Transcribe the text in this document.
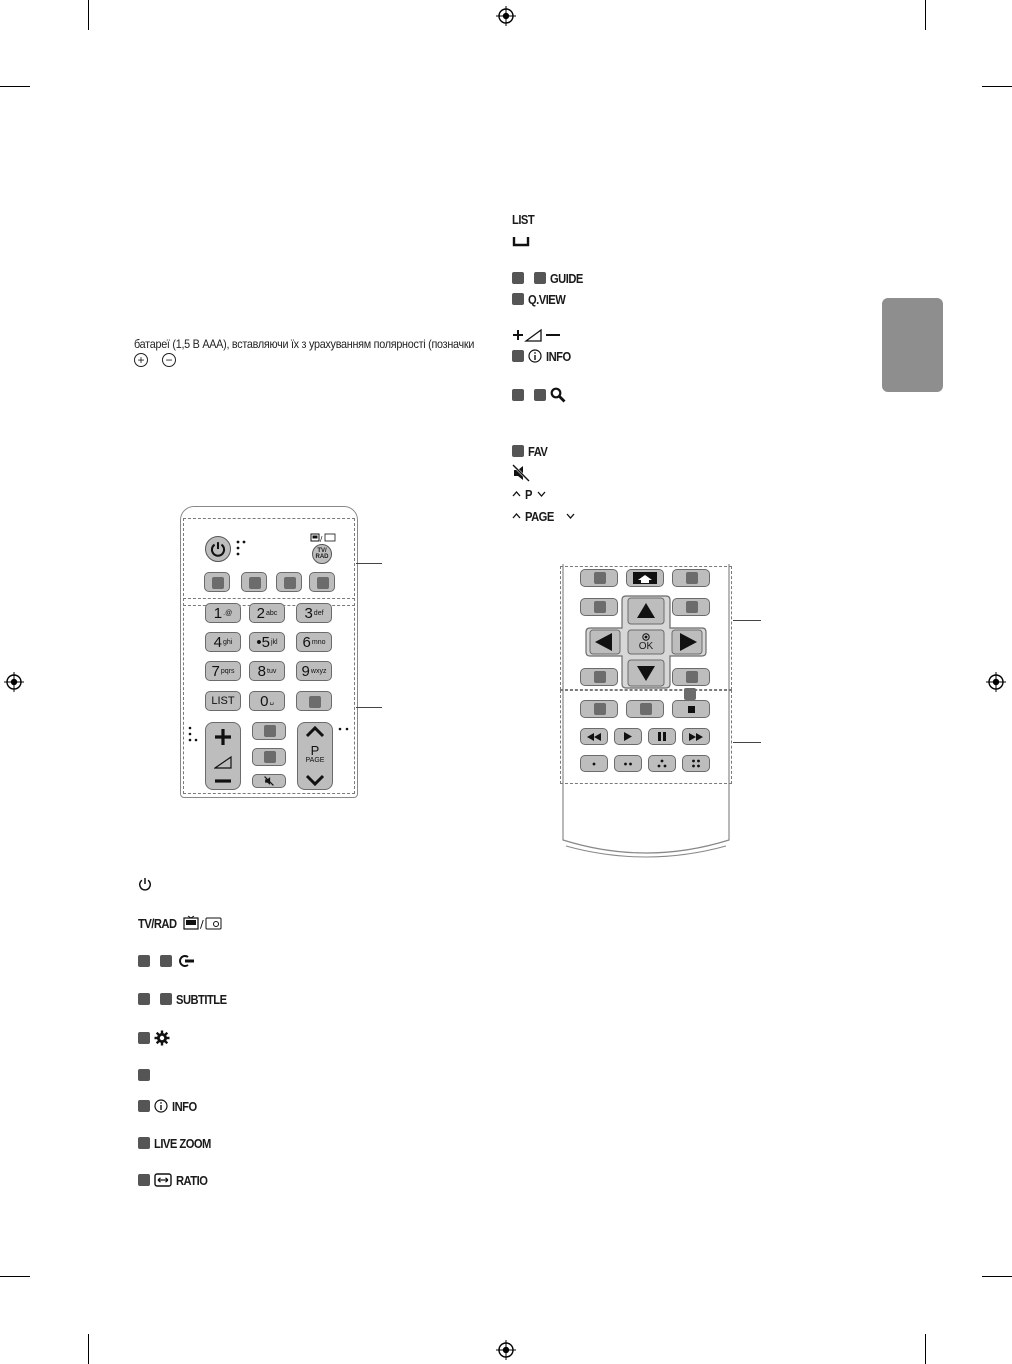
батареї (1,5 В AAA), вставляючи їх з урахуванням полярності (позначки
+ −
LIST
GUIDE
Q.VIEW
INFO
FAV
P
PAGE
TV/RAD /
SUBTITLE
INFO
LIVE ZOOM
RATIO
/
TV/
RAD
1 .@ 2 abc 3 def
4 ghi •5 jkl 6 mno
7 pqrs 8 tuv 9 wxyz
LIST 0 ␣
P
PAGE
OK
